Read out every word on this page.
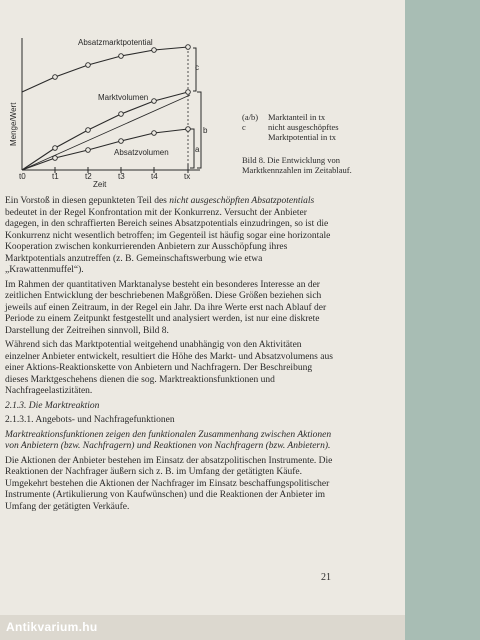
Absatzmarktpotential
Marktvolumen
Absatzvolumen
Menge/Wert
Zeit
c
b
a
t0	t1	t2	t3	t4	tx
(a/b)	Marktanteil in tx
c	nicht ausgeschöpftes
Marktpotential in tx
Bild 8. Die Entwicklung von Marktkennzahlen im Zeitablauf.

Ein Vorstoß in diesen gepunkteten Teil des nicht ausgeschöpften Absatzpotentials bedeutet in der Regel Konfrontation mit der Konkurrenz. Versucht der Anbieter dagegen, in den schraffierten Bereich seines Absatzpotentials einzudringen, so ist die Konkurrenz nicht wesentlich betroffen; im Gegenteil ist häufig sogar eine horizontale Kooperation zwischen konkurrierenden Anbietern zur Ausschöpfung ihres Marktpotentials anzutreffen (z. B. Gemeinschaftswerbung wie etwa „Krawattenmuffel“).

Im Rahmen der quantitativen Marktanalyse besteht ein besonderes Interesse an der zeitlichen Entwicklung der beschriebenen Maßgrößen. Diese Größen beziehen sich jeweils auf einen Zeitraum, in der Regel ein Jahr. Da ihre Werte erst nach Ablauf der Periode zu einem Zeitpunkt festgestellt und analysiert werden, ist nur eine diskrete Darstellung der Zeitreihen sinnvoll, Bild 8.

Während sich das Marktpotential weitgehend unabhängig von den Aktivitäten einzelner Anbieter entwickelt, resultiert die Höhe des Markt- und Absatzvolumens aus einer Aktions-Reaktionskette von Anbietern und Nachfragern. Der Beschreibung dieses Marktgeschehens dienen die sog. Marktreaktionsfunktionen und Nachfrageelastizitäten.

2.1.3. Die Marktreaktion

2.1.3.1. Angebots- und Nachfragefunktionen

Marktreaktionsfunktionen zeigen den funktionalen Zusammenhang zwischen Aktionen von Anbietern (bzw. Nachfragern) und Reaktionen von Nachfragern (bzw. Anbietern).

Die Aktionen der Anbieter bestehen im Einsatz der absatzpolitischen Instrumente. Die Reaktionen der Nachfrager äußern sich z. B. im Umfang der getätigten Käufe. Umgekehrt bestehen die Aktionen der Nachfrager im Einsatz beschaffungspolitischer Instrumente (Artikulierung von Kaufwünschen) und die Reaktionen der Anbieter im Umfang der getätigten Verkäufe.

21
Antikvarium.hu
